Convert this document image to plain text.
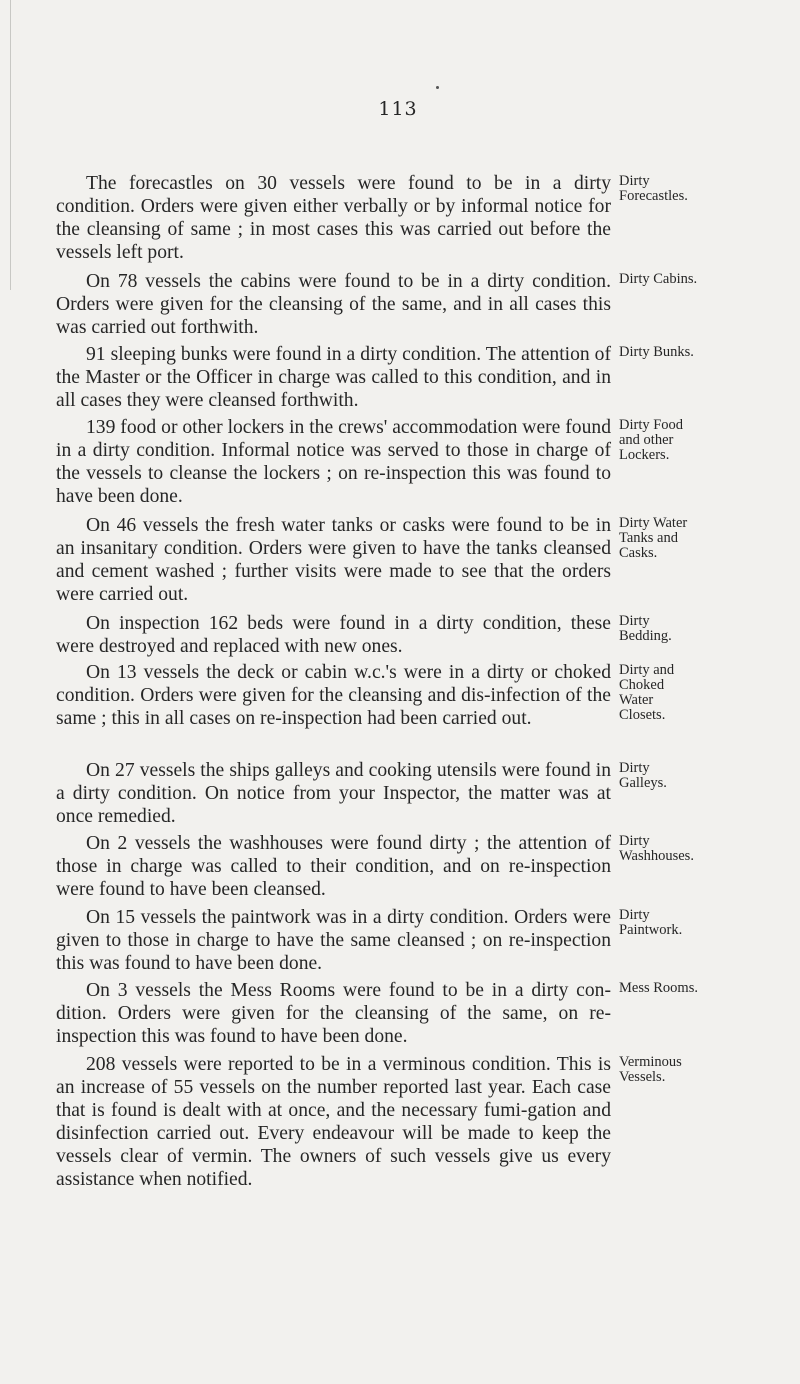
113

The forecastles on 30 vessels were found to be in a dirty condition. Orders were given either verbally or by informal notice for the cleansing of same ; in most cases this was carried out before the vessels left port.

Dirty
Forecastles.

On 78 vessels the cabins were found to be in a dirty condition. Orders were given for the cleansing of the same, and in all cases this was carried out forthwith.

Dirty Cabins.

91 sleeping bunks were found in a dirty condition. The attention of the Master or the Officer in charge was called to this condition, and in all cases they were cleansed forthwith.

Dirty Bunks.

139 food or other lockers in the crews' accommodation were found in a dirty condition. Informal notice was served to those in charge of the vessels to cleanse the lockers ; on re-inspection this was found to have been done.

Dirty Food
and other
Lockers.

On 46 vessels the fresh water tanks or casks were found to be in an insanitary condition. Orders were given to have the tanks cleansed and cement washed ; further visits were made to see that the orders were carried out.

Dirty Water
Tanks and
Casks.

On inspection 162 beds were found in a dirty condition, these were destroyed and replaced with new ones.

Dirty
Bedding.

On 13 vessels the deck or cabin w.c.'s were in a dirty or choked condition. Orders were given for the cleansing and dis-infection of the same ; this in all cases on re-inspection had been carried out.

Dirty and
Choked
Water
Closets.

On 27 vessels the ships galleys and cooking utensils were found in a dirty condition. On notice from your Inspector, the matter was at once remedied.

Dirty
Galleys.

On 2 vessels the washhouses were found dirty ; the attention of those in charge was called to their condition, and on re-inspection were found to have been cleansed.

Dirty
Washhouses.

On 15 vessels the paintwork was in a dirty condition. Orders were given to those in charge to have the same cleansed ; on re-inspection this was found to have been done.

Dirty
Paintwork.

On 3 vessels the Mess Rooms were found to be in a dirty con-dition. Orders were given for the cleansing of the same, on re-inspection this was found to have been done.

Mess Rooms.

208 vessels were reported to be in a verminous condition. This is an increase of 55 vessels on the number reported last year. Each case that is found is dealt with at once, and the necessary fumi-gation and disinfection carried out. Every endeavour will be made to keep the vessels clear of vermin. The owners of such vessels give us every assistance when notified.

Verminous
Vessels.
